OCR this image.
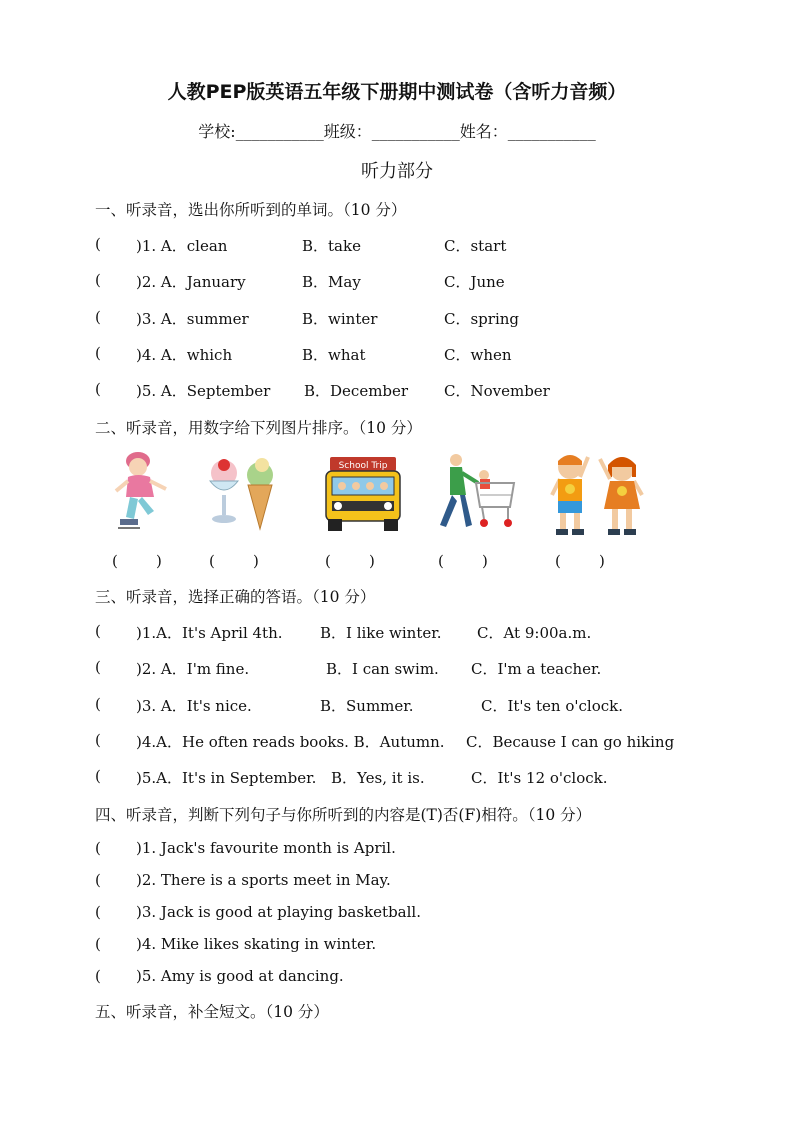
人教PEP版英语五年级下册期中测试卷（含听力音频）
学校:___________班级：___________姓名：___________
听力部分
一、听录音，选出你所听到的单词。（10 分）
( )1. A．clean	B．take	C．start
( )2. A．January	B．May	C．June
( )3. A．summer	B．winter	C．spring
( )4. A．which	B．what	C．when
( )5. A．September B．December C．November
二、听录音，用数字给下列图片排序。（10 分）
School Trip
(        )	(        )	(        )	(        )	(        )
三、听录音，选择正确的答语。（10 分）
( )1.A．It's April 4th. B．I like winter. C．At 9:00a.m.
( )2. A．I'm fine.	B．I can swim. C．I'm a teacher.
( )3. A．It's nice.	B．Summer.	C．It's ten o'clock.
( )4.A．He often reads books. B．Autumn. C．Because I can go hiking
( )5.A．It's in September. B．Yes, it is.	C．It's 12 o'clock.
四、听录音，判断下列句子与你所听到的内容是(T)否(F)相符。（10 分）
( )1. Jack's favourite month is April.
( )2. There is a sports meet in May.
( )3. Jack is good at playing basketball.
( )4. Mike likes skating in winter.
( )5. Amy is good at dancing.
五、听录音，补全短文。（10 分）
